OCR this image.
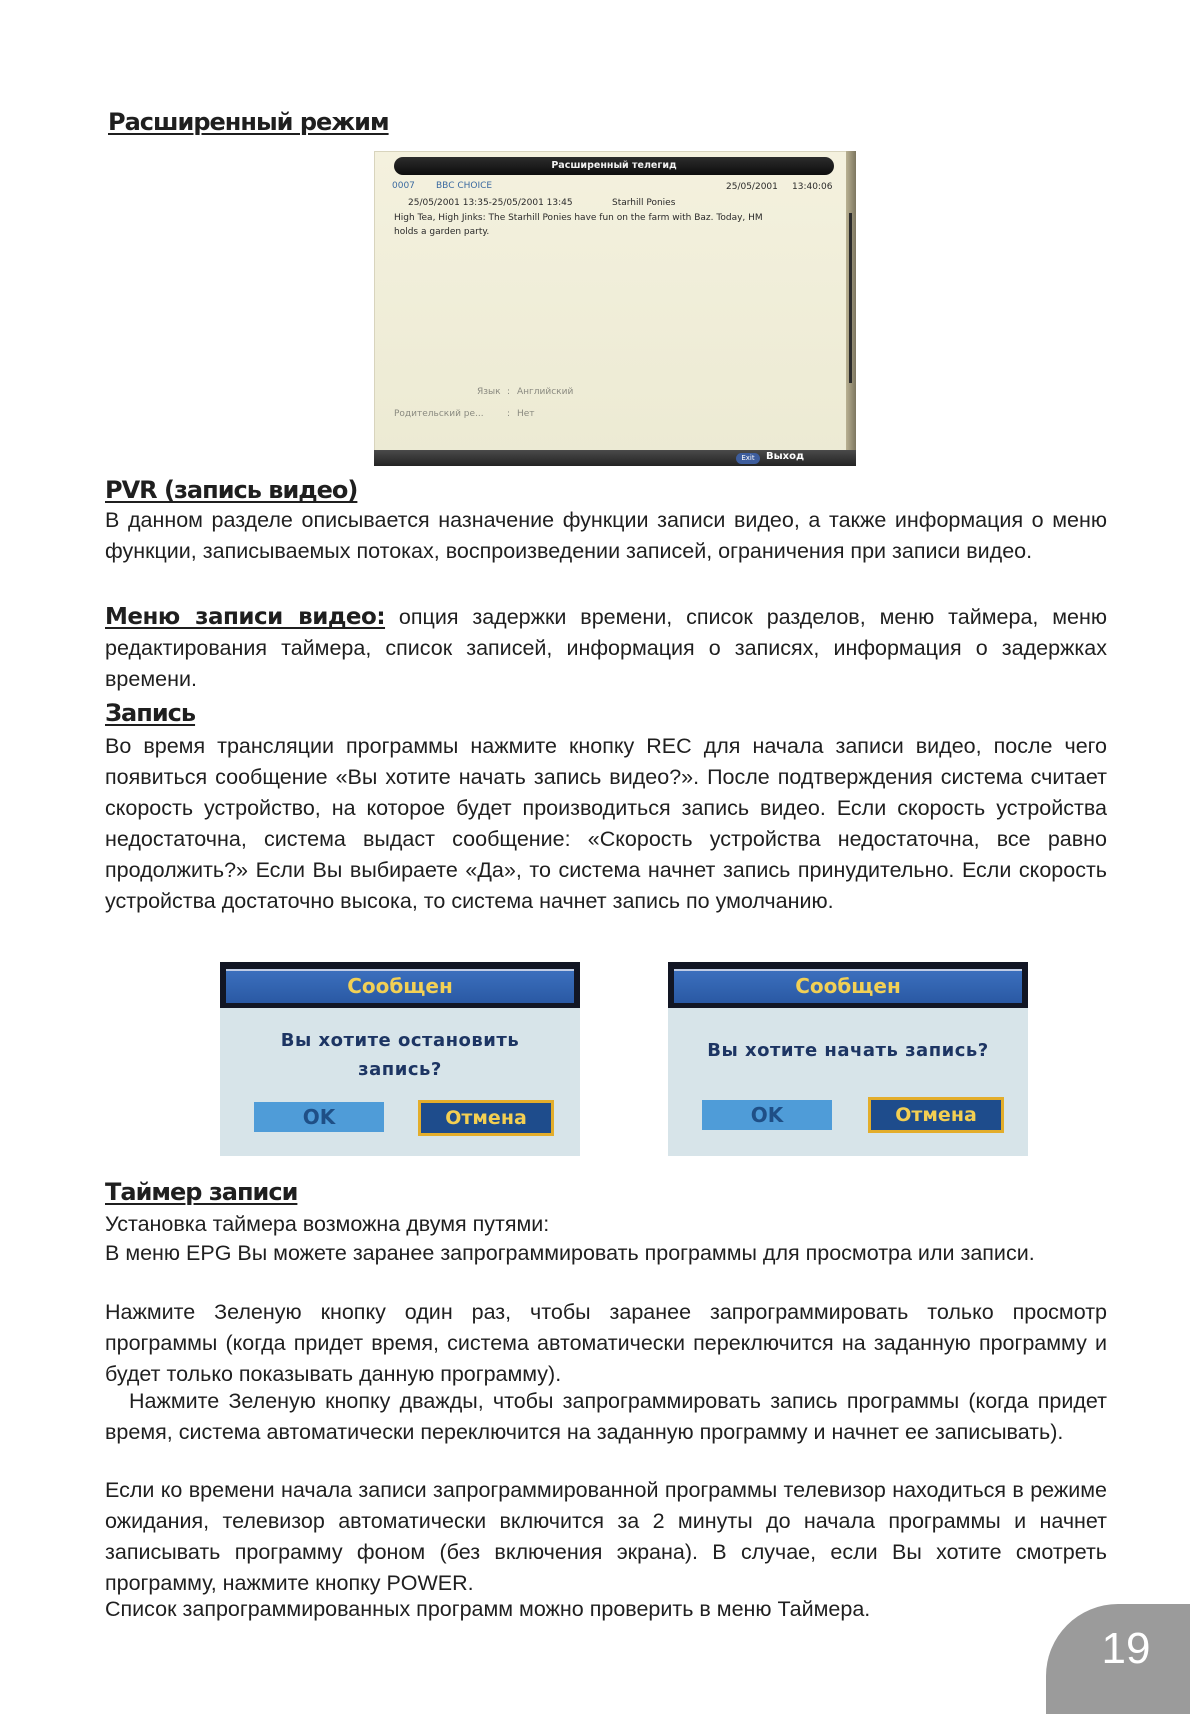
Расширенный режим
Расширенный телегид
0007 BBC CHOICE	25/05/2001 13:40:06
25/05/2001 13:35-25/05/2001 13:45	Starhill Ponies
High Tea, High Jinks: The Starhill Ponies have fun on the farm with Baz. Today, HM
holds a garden party.
Язык : Английский
Родительский ре...	: Нет
Exit	Выход
PVR (запись видео)

В данном разделе описывается назначение функции записи видео, а также информация о меню функции, записываемых потоках, воспроизведении записей, ограничения при записи видео.

Меню записи видео: опция задержки времени, список разделов, меню таймера, меню редактирования таймера, список записей, информация о записях, информация о задержках времени.

Запись

Во время трансляции программы нажмите кнопку REC для начала записи видео, после чего появиться сообщение «Вы хотите начать запись видео?». После подтверждения система считает скорость устройство, на которое будет производиться запись видео. Если скорость устройства недостаточна, система выдаст сообщение: «Скорость устройства недостаточна, все равно продолжить?» Если Вы выбираете «Да», то система начнет запись принудительно. Если скорость устройства достаточно высока, то система начнет запись по умолчанию.

Сообщен
Вы хотите остановить
запись?
OK	Отмена
Сообщен
Вы хотите начать запись?
OK	Отмена
Таймер записи

Установка таймера возможна двумя путями:

В меню EPG Вы можете заранее запрограммировать программы для просмотра или записи.

Нажмите Зеленую кнопку один раз, чтобы заранее запрограммировать только просмотр программы (когда придет время, система автоматически переключится на заданную программу и будет только показывать данную программу).

Нажмите Зеленую кнопку дважды, чтобы запрограммировать запись программы (когда придет время, система автоматически переключится на заданную программу и начнет ее записывать).

Если ко времени начала записи запрограммированной программы телевизор находиться в режиме ожидания, телевизор автоматически включится за 2 минуты до начала программы и начнет записывать программу фоном (без включения экрана). В случае, если Вы хотите смотреть программу, нажмите кнопку POWER.

Список запрограммированных программ можно проверить в меню Таймера.

19
